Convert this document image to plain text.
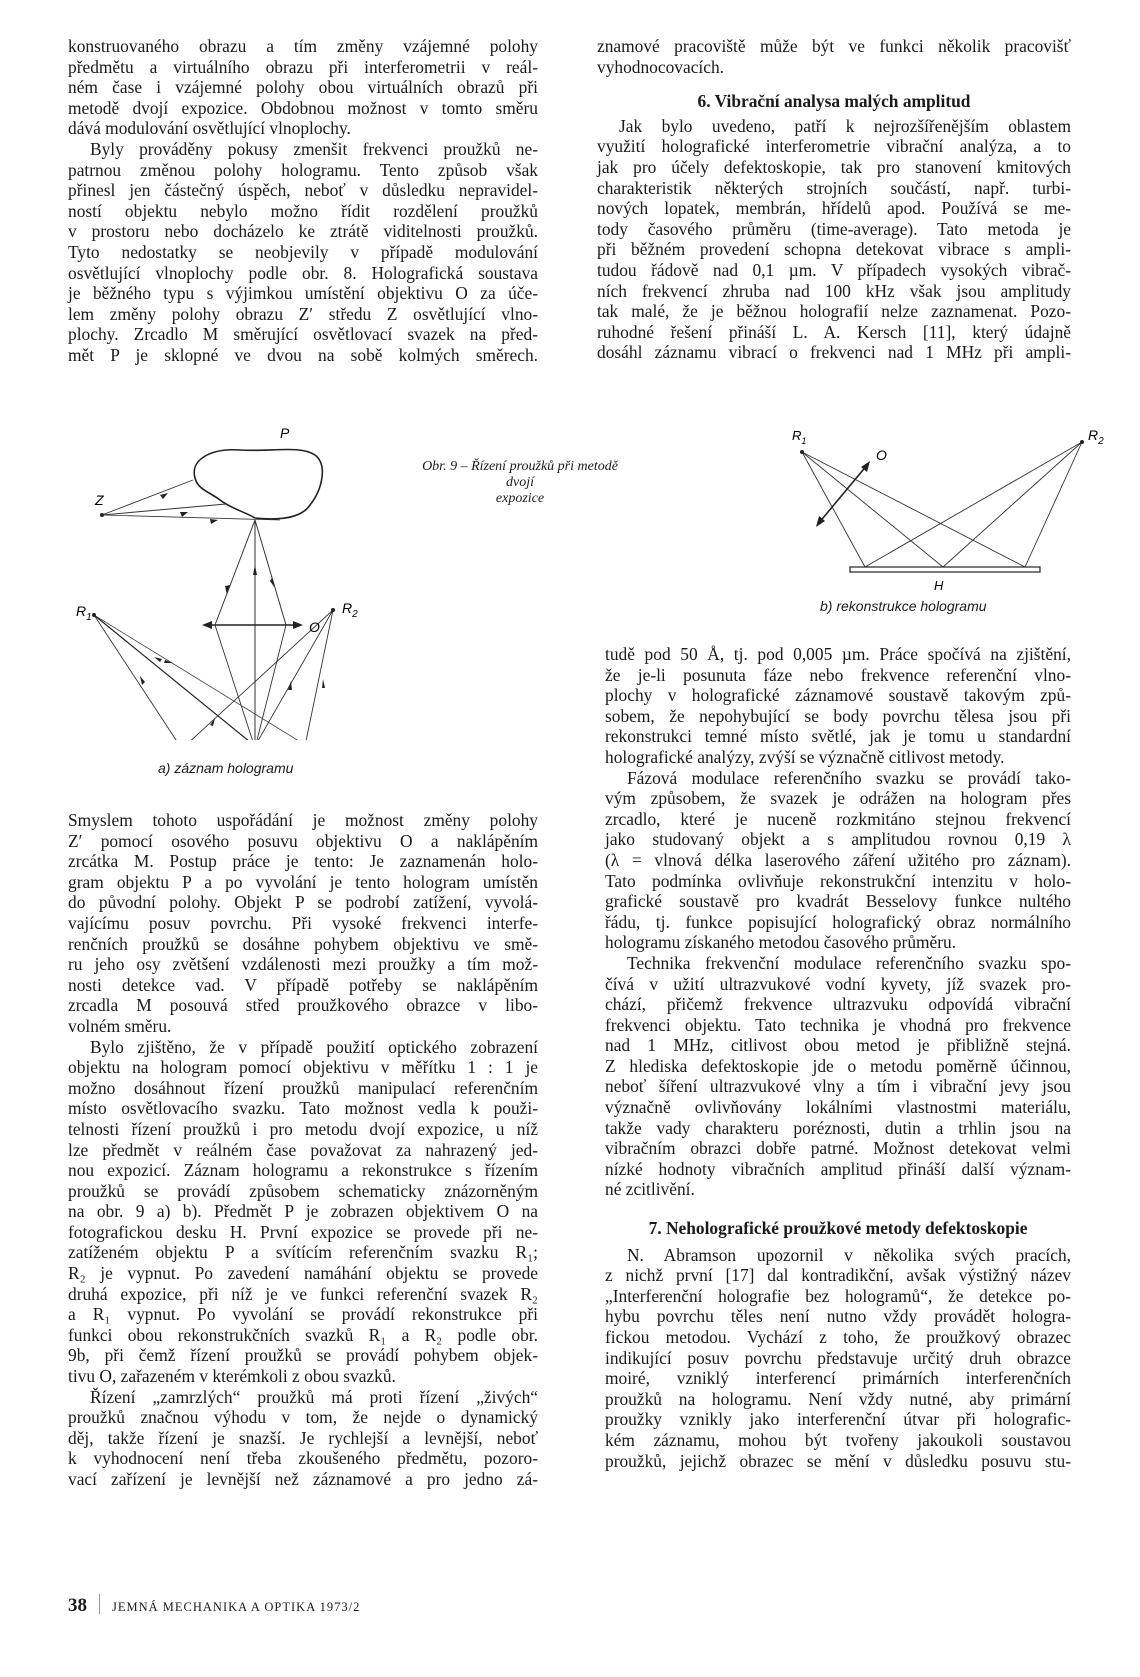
konstruovaného obrazu a tím změny vzájemné polohy
předmětu a virtuálního obrazu při interferometrii v reál-
ném čase i vzájemné polohy obou virtuálních obrazů při
metodě dvojí expozice. Obdobnou možnost v tomto směru
dává modulování osvětlující vlnoplochy.
Byly prováděny pokusy zmenšit frekvenci proužků ne-
patrnou změnou polohy hologramu. Tento způsob však
přinesl jen částečný úspěch, neboť v důsledku nepravidel-
ností objektu nebylo možno řídit rozdělení proužků
v prostoru nebo docházelo ke ztrátě viditelnosti proužků.
Tyto nedostatky se neobjevily v případě modulování
osvětlující vlnoplochy podle obr. 8. Holografická soustava
je běžného typu s výjimkou umístění objektivu O za úče-
lem změny polohy obrazu Z′ středu Z osvětlující vlno-
plochy. Zrcadlo M směrující osvětlovací svazek na před-
mět P je sklopné ve dvou na sobě kolmých směrech.
znamové pracoviště může být ve funkci několik pracovišť
vyhodnocovacích.
6. Vibrační analysa malých amplitud
Jak bylo uvedeno, patří k nejrozšířenějším oblastem
využití holografické interferometrie vibrační analýza, a to
jak pro účely defektoskopie, tak pro stanovení kmitových
charakteristik některých strojních součástí, např. turbi-
nových lopatek, membrán, hřídelů apod. Používá se me-
tody časového průměru (time-average). Tato metoda je
při běžném provedení schopna detekovat vibrace s ampli-
tudou řádově nad 0,1 µm. V případech vysokých vibrač-
ních frekvencí zhruba nad 100 kHz však jsou amplitudy
tak malé, že je běžnou holografií nelze zaznamenat. Pozo-
ruhodné řešení přináší L. A. Kersch [11], který údajně
dosáhl záznamu vibrací o frekvenci nad 1 MHz při ampli-
Obr. 9 – Řízení proužků při metodě dvojí
expozice
P
Z
$R_1$
$R_2$
O
a) záznam hologramu
$R_1$	$R_2$
O
H
b) rekonstrukce hologramu
Smyslem tohoto uspořádání je možnost změny polohy
Z′ pomocí osového posuvu objektivu O a naklápěním
zrcátka M. Postup práce je tento: Je zaznamenán holo-
gram objektu P a po vyvolání je tento hologram umístěn
do původní polohy. Objekt P se podrobí zatížení, vyvolá-
vajícímu posuv povrchu. Při vysoké frekvenci interfe-
renčních proužků se dosáhne pohybem objektivu ve smě-
ru jeho osy zvětšení vzdálenosti mezi proužky a tím mož-
nosti detekce vad. V případě potřeby se naklápěním
zrcadla M posouvá střed proužkového obrazce v libo-
volném směru.
Bylo zjištěno, že v případě použití optického zobrazení
objektu na hologram pomocí objektivu v měřítku 1 : 1 je
možno dosáhnout řízení proužků manipulací referenčním
místo osvětlovacího svazku. Tato možnost vedla k použi-
telnosti řízení proužků i pro metodu dvojí expozice, u níž
lze předmět v reálném čase považovat za nahrazený jed-
nou expozicí. Záznam hologramu a rekonstrukce s řízením
proužků se provádí způsobem schematicky znázorněným
na obr. 9 a) b). Předmět P je zobrazen objektivem O na
fotografickou desku H. První expozice se provede při ne-
zatíženém objektu P a svítícím referenčním svazku R₁;
R₂ je vypnut. Po zavedení namáhání objektu se provede
druhá expozice, při níž je ve funkci referenční svazek R₂
a R₁ vypnut. Po vyvolání se provádí rekonstrukce při
funkci obou rekonstrukčních svazků R₁ a R₂ podle obr.
9b, při čemž řízení proužků se provádí pohybem objek-
tivu O, zařazeném v kterémkoli z obou svazků.
Řízení „zamrzlých“ proužků má proti řízení „živých“
proužků značnou výhodu v tom, že nejde o dynamický
děj, takže řízení je snazší. Je rychlejší a levnější, neboť
k vyhodnocení není třeba zkoušeného předmětu, pozoro-
vací zařízení je levnější než záznamové a pro jedno zá-
tudě pod 50 Å, tj. pod 0,005 µm. Práce spočívá na zjištění,
že je-li posunuta fáze nebo frekvence referenční vlno-
plochy v holografické záznamové soustavě takovým způ-
sobem, že nepohybující se body povrchu tělesa jsou při
rekonstrukci temné místo světlé, jak je tomu u standardní
holografické analýzy, zvýší se význačně citlivost metody.
Fázová modulace referenčního svazku se provádí tako-
vým způsobem, že svazek je odrážen na hologram přes
zrcadlo, které je nuceně rozkmitáno stejnou frekvencí
jako studovaný objekt a s amplitudou rovnou 0,19 λ
(λ = vlnová délka laserového záření užitého pro záznam).
Tato podmínka ovlivňuje rekonstrukční intenzitu v holo-
grafické soustavě pro kvadrát Besselovy funkce nultého
řádu, tj. funkce popisující holografický obraz normálního
hologramu získaného metodou časového průměru.
Technika frekvenční modulace referenčního svazku spo-
čívá v užití ultrazvukové vodní kyvety, jíž svazek pro-
chází, přičemž frekvence ultrazvuku odpovídá vibrační
frekvenci objektu. Tato technika je vhodná pro frekvence
nad 1 MHz, citlivost obou metod je přibližně stejná.
Z hlediska defektoskopie jde o metodu poměrně účinnou,
neboť šíření ultrazvukové vlny a tím i vibrační jevy jsou
význačně ovlivňovány lokálními vlastnostmi materiálu,
takže vady charakteru poréznosti, dutin a trhlin jsou na
vibračním obrazci dobře patrné. Možnost detekovat velmi
nízké hodnoty vibračních amplitud přináší další význam-
né zcitlivění.
7. Neholografické proužkové metody defektoskopie
N. Abramson upozornil v několika svých pracích,
z nichž první [17] dal kontradikční, avšak výstižný název
„Interferenční holografie bez hologramů“, že detekce po-
hybu povrchu těles není nutno vždy provádět hologra-
fickou metodou. Vychází z toho, že proužkový obrazec
indikující posuv povrchu představuje určitý druh obrazce
moiré, vzniklý interferencí primárních interferenčních
proužků na hologramu. Není vždy nutné, aby primární
proužky vznikly jako interferenční útvar při holografic-
kém záznamu, mohou být tvořeny jakoukoli soustavou
proužků, jejichž obrazec se mění v důsledku posuvu stu-
38 JEMNÁ MECHANIKA A OPTIKA 1973/2
